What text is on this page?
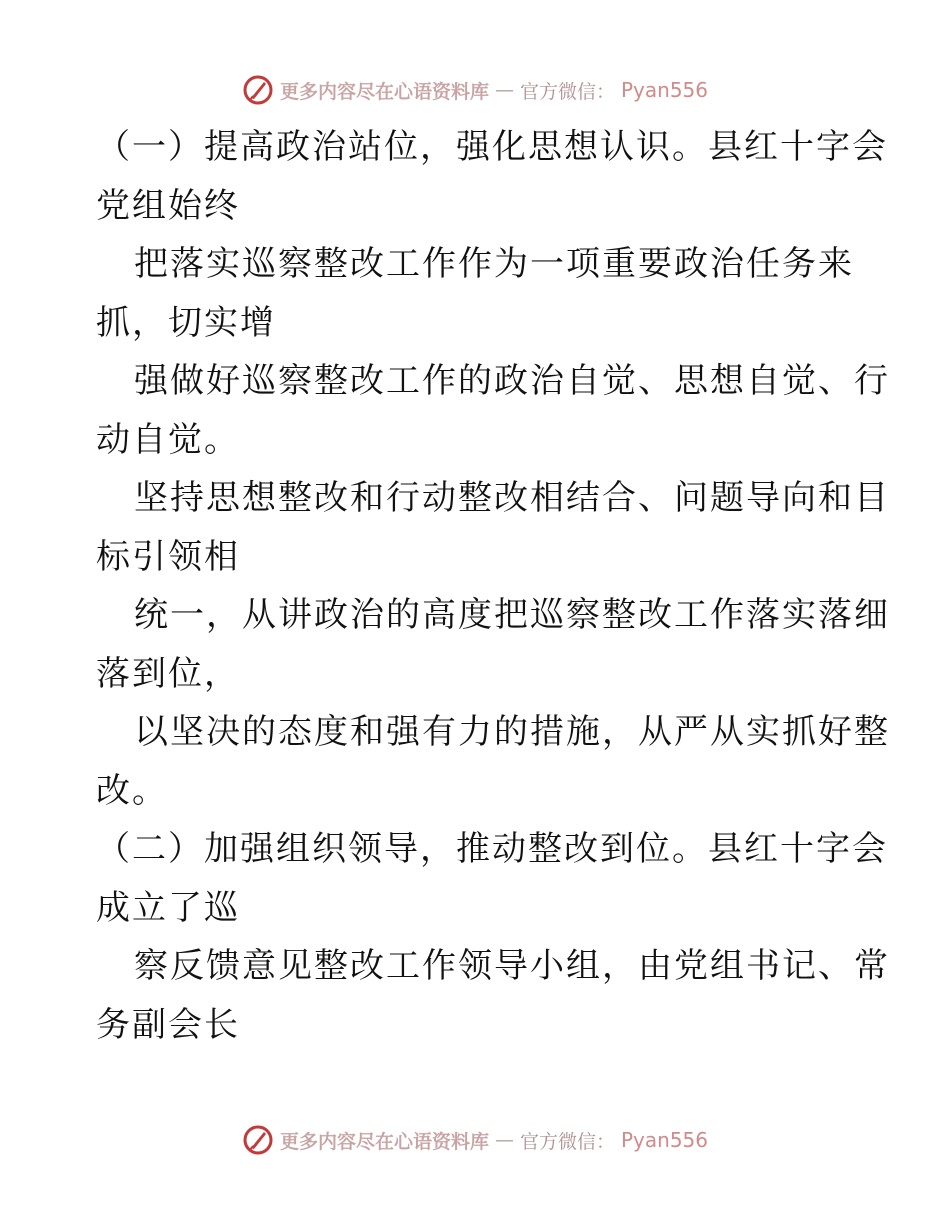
更多内容尽在心语资料库 — 官方微信： Pyan556
（一）提高政治站位，强化思想认识。县红十字会
党组始终
把落实巡察整改工作作为一项重要政治任务来
抓，切实增
强做好巡察整改工作的政治自觉、思想自觉、行
动自觉。
坚持思想整改和行动整改相结合、问题导向和目
标引领相
统一，从讲政治的高度把巡察整改工作落实落细
落到位，
以坚决的态度和强有力的措施，从严从实抓好整
改。
（二）加强组织领导，推动整改到位。县红十字会
成立了巡
察反馈意见整改工作领导小组，由党组书记、常
务副会长
更多内容尽在心语资料库 — 官方微信： Pyan556
